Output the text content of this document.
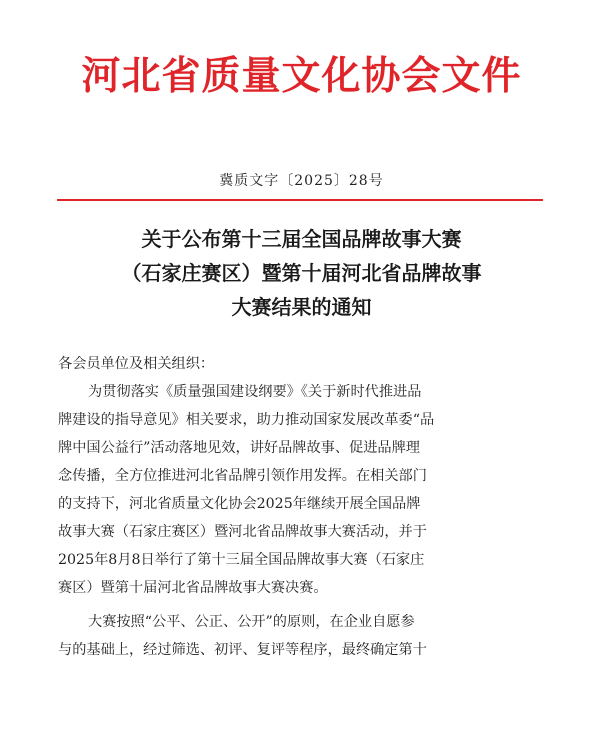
河北省质量文化协会文件
冀质文字〔2025〕28号
关于公布第十三届全国品牌故事大赛
（石家庄赛区）暨第十届河北省品牌故事
大赛结果的通知
各会员单位及相关组织：
为贯彻落实《质量强国建设纲要》《关于新时代推进品
牌建设的指导意见》相关要求，助力推动国家发展改革委“品
牌中国公益行”活动落地见效，讲好品牌故事、促进品牌理
念传播，全方位推进河北省品牌引领作用发挥。在相关部门
的支持下，河北省质量文化协会2025年继续开展全国品牌
故事大赛（石家庄赛区）暨河北省品牌故事大赛活动，并于
2025年8月8日举行了第十三届全国品牌故事大赛（石家庄
赛区）暨第十届河北省品牌故事大赛决赛。
大赛按照“公平、公正、公开”的原则，在企业自愿参
与的基础上，经过筛选、初评、复评等程序，最终确定第十
